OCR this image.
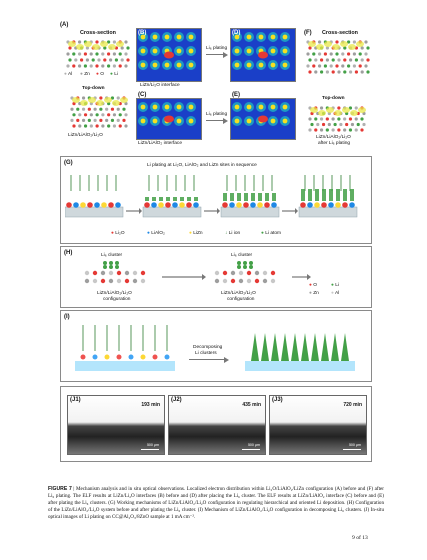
(A)
Cross-section
● Al ● Zn ● O ● Li
Top-down
LiZn/LiAlO₂/Li₂O
(B)
LiZn/Li₂O interface
Li₆ plating
(D)
(C)
LiZn/LiAlO₂ interface
Li₆ plating
(E)
(F) Cross-section
Top-down
LiZn/LiAlO₂/Li₂O
after Li₆ plating
(G)	Li plating at Li₂O, LiAlO₂ and LiZn sites in sequence
● Li₂O	● LiAlO₂	● LiZn	↓ Li ion	● Li atom
(H)	Li₆ cluster	Li₆ cluster
LiZn/LiAlO₂/Li₂O
configuration
LiZn/LiAlO₂/Li₂O
configuration
● O	● Li
● Zn	● Al
(I)
Decomposing
Li clusters
(J1)
193 min
500 μm
(J2)
435 min
500 μm
(J3)
720 min
500 μm
FIGURE 7 | Mechanism analysis and in situ optical observations. Localized electron distribution within Li₂O/LiAlO₂/LiZn configuration (A) before and (F) after Li₆ plating. The ELF results at LiZn/Li₂O interfaces (B) before and (D) after placing the Li₆ cluster. The ELF results at LiZn/LiAlO₂ interface (C) before and (E) after plating the Li₆ clusters. (G) Working mechanisms of LiZn/LiAlO₂/Li₂O configuration in regulating hierarchical and oriented Li deposition. (H) Configuration of the LiZn/LiAlO₂/Li₂O system before and after plating the Li₆ cluster. (I) Mechanism of LiZn/LiAlO₂/Li₂O configuration in decomposing Li₆ clusters. (J) In-situ optical images of Li plating on CC@Al₂O₃/8ZnO sample at 1 mA cm⁻².
9 of 13
